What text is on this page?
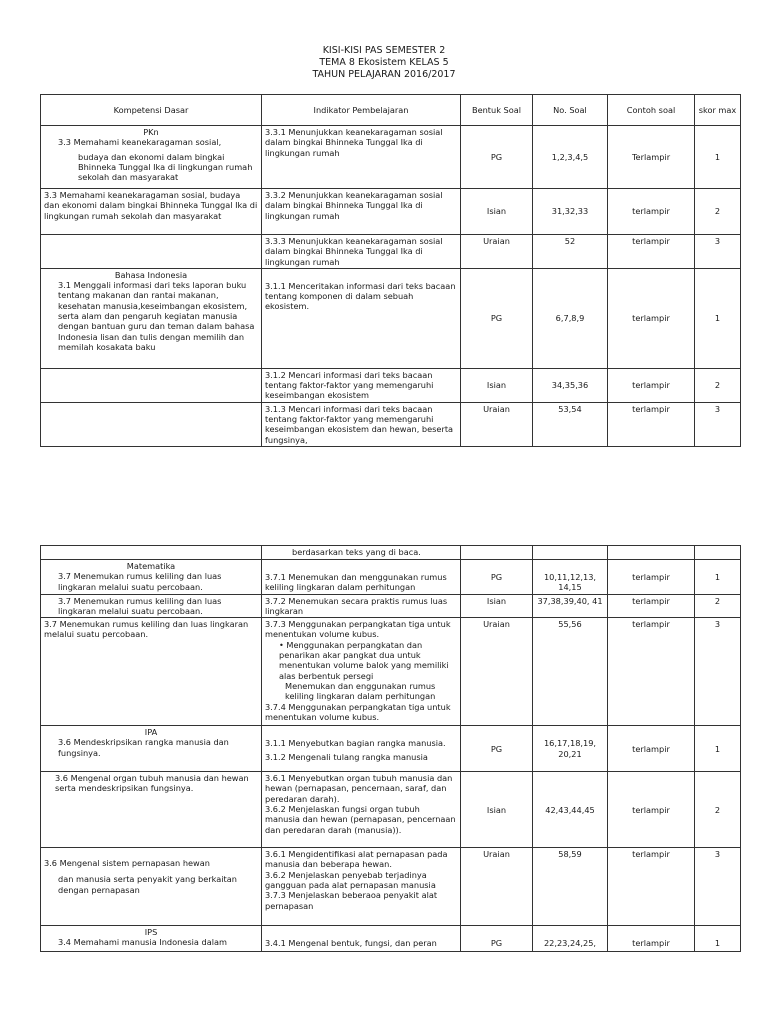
KISI-KISI PAS SEMESTER 2
TEMA 8 Ekosistem KELAS 5
TAHUN PELAJARAN 2016/2017
Kompetensi Dasar	Indikator Pembelajaran	Bentuk Soal	No. Soal	Contoh soal	skor max

PKn
3.3 Memahami keanekaragaman sosial,
budaya dan ekonomi dalam bingkai Bhinneka Tunggal Ika di lingkungan rumah sekolah dan masyarakat	3.3.1 Menunjukkan keanekaragaman sosial dalam bingkai Bhinneka Tunggal Ika di lingkungan rumah	PG	1,2,3,4,5	Terlampir	1
3.3 Memahami keanekaragaman sosial, budaya dan ekonomi dalam bingkai Bhinneka Tunggal Ika di lingkungan rumah sekolah dan masyarakat	3.3.2 Menunjukkan keanekaragaman sosial dalam bingkai Bhinneka Tunggal Ika di lingkungan rumah	Isian	31,32,33	terlampir	2
	3.3.3 Menunjukkan keanekaragaman sosial dalam bingkai Bhinneka Tunggal Ika di lingkungan rumah	Uraian	52	terlampir	3

Bahasa Indonesia
3.1 Menggali informasi dari teks laporan buku tentang makanan dan rantai makanan, kesehatan manusia,keseimbangan ekosistem, serta alam dan pengaruh kegiatan manusia dengan bantuan guru dan teman dalam bahasa Indonesia lisan dan tulis dengan memilih dan memilah kosakata baku	3.1.1 Menceritakan informasi dari teks bacaan tentang komponen di dalam sebuah ekosistem.	PG	6,7,8,9	terlampir	1
	3.1.2 Mencari informasi dari teks bacaan tentang faktor-faktor yang memengaruhi keseimbangan ekosistem	Isian	34,35,36	terlampir	2
	3.1.3 Mencari informasi dari teks bacaan tentang faktor-faktor yang memengaruhi keseimbangan ekosistem dan hewan, beserta fungsinya,	Uraian	53,54	terlampir	3
	berdasarkan teks yang di baca.				

Matematika
3.7 Menemukan rumus keliling dan luas lingkaran melalui suatu percobaan.	3.7.1 Menemukan dan menggunakan rumus keliling lingkaran dalam perhitungan	PG	10,11,12,13, 14,15	terlampir	1
3.7 Menemukan rumus keliling dan luas lingkaran melalui suatu percobaan.	3.7.2 Menemukan secara praktis rumus luas lingkaran	Isian	37,38,39,40, 41	terlampir	2
3.7 Menemukan rumus keliling dan luas lingkaran melalui suatu percobaan.	3.7.3 Menggunakan perpangkatan tiga untuk menentukan volume kubus.
• Menggunakan perpangkatan dan penarikan akar pangkat dua untuk menentukan volume balok yang memiliki alas berbentuk persegi
Menemukan dan enggunakan rumus keliling lingkaran dalam perhitungan
3.7.4 Menggunakan perpangkatan tiga untuk menentukan volume kubus.	Uraian	55,56	terlampir	3

IPA
3.6 Mendeskripsikan rangka manusia dan fungsinya.	3.1.1 Menyebutkan bagian rangka manusia.
3.1.2 Mengenali tulang rangka manusia	PG	16,17,18,19, 20,21	terlampir	1
3.6 Mengenal organ tubuh manusia dan hewan serta mendeskripsikan fungsinya.	3.6.1 Menyebutkan organ tubuh manusia dan hewan (pernapasan, pencernaan, saraf, dan peredaran darah).
3.6.2 Menjelaskan fungsi organ tubuh manusia dan hewan (pernapasan, pencernaan dan peredaran darah (manusia)).	Isian	42,43,44,45	terlampir	2

3.6 Mengenal sistem pernapasan hewan
dan manusia serta penyakit yang berkaitan dengan pernapasan	3.6.1 Mengidentifikasi alat pernapasan pada manusia dan beberapa hewan.
3.6.2 Menjelaskan penyebab terjadinya gangguan pada alat pernapasan manusia
3.7.3 Menjelaskan beberaoa penyakit alat pernapasan	Uraian	58,59	terlampir	3

IPS
3.4 Memahami manusia Indonesia dalam	3.4.1 Mengenal bentuk, fungsi, dan peran	PG	22,23,24,25,	terlampir	1
